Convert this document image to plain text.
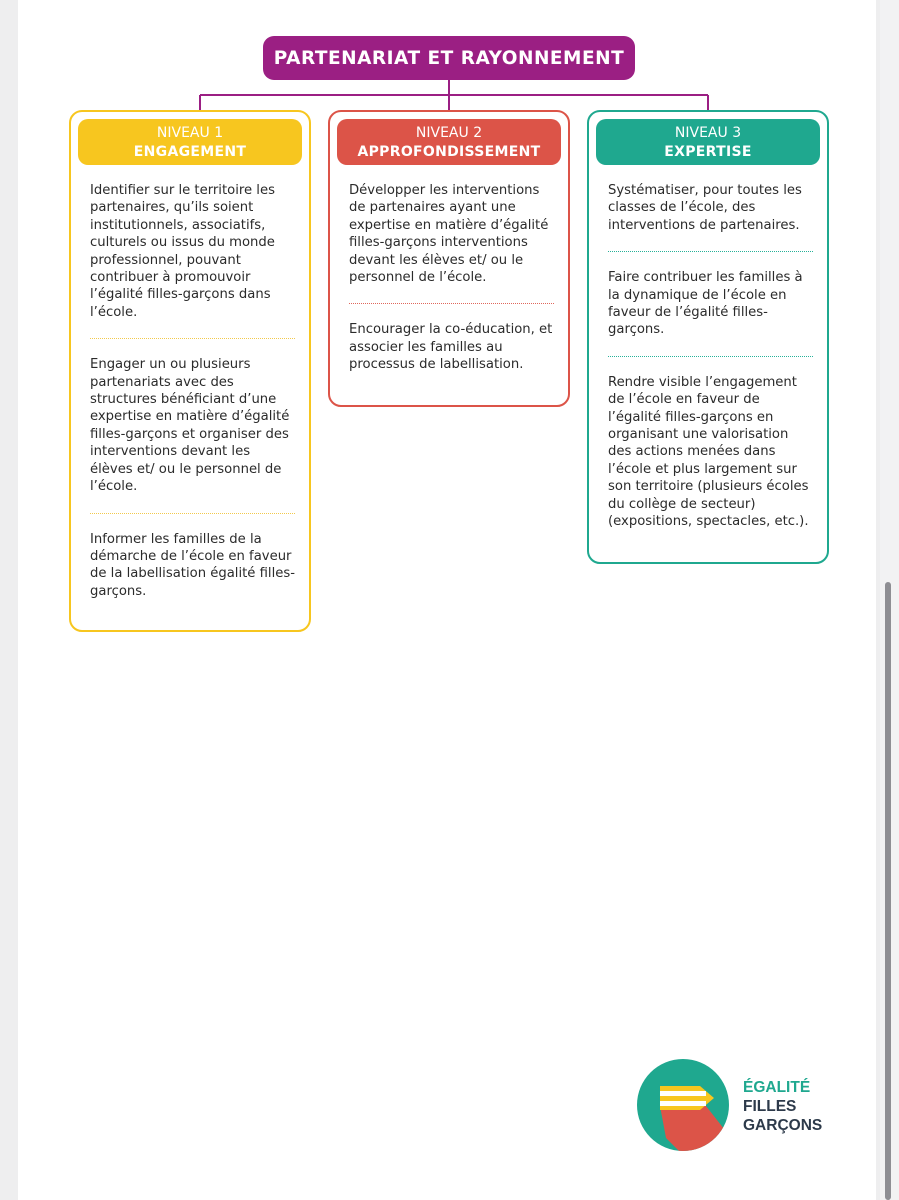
PARTENARIAT ET RAYONNEMENT
NIVEAU 1
ENGAGEMENT
Identifier sur le territoire les partenaires, qu’ils soient institutionnels, associatifs, culturels ou issus du monde professionnel, pouvant contribuer à promouvoir l’égalité filles-garçons dans l’école.
Engager un ou plusieurs partenariats avec des structures bénéficiant d’une expertise en matière d’égalité filles-garçons et organiser des interventions devant les élèves et/ ou le personnel de l’école.
Informer les familles de la démarche de l’école en faveur de la labellisation égalité filles-garçons.
NIVEAU 2
APPROFONDISSEMENT
Développer les interventions de partenaires ayant une expertise en matière d’égalité filles-garçons interventions devant les élèves et/ ou le personnel de l’école.
Encourager la co-éducation, et associer les familles au processus de labellisation.
NIVEAU 3
EXPERTISE
Systématiser, pour toutes les classes de l’école, des interventions de partenaires.
Faire contribuer les familles à la dynamique de l’école en faveur de l’égalité filles-garçons.
Rendre visible l’engagement de l’école en faveur de l’égalité filles-garçons en organisant une valorisation des actions menées dans l’école et plus largement sur son territoire (plusieurs écoles du collège de secteur) (expositions, spectacles, etc.).
ÉGALITÉ
FILLES
GARÇONS
